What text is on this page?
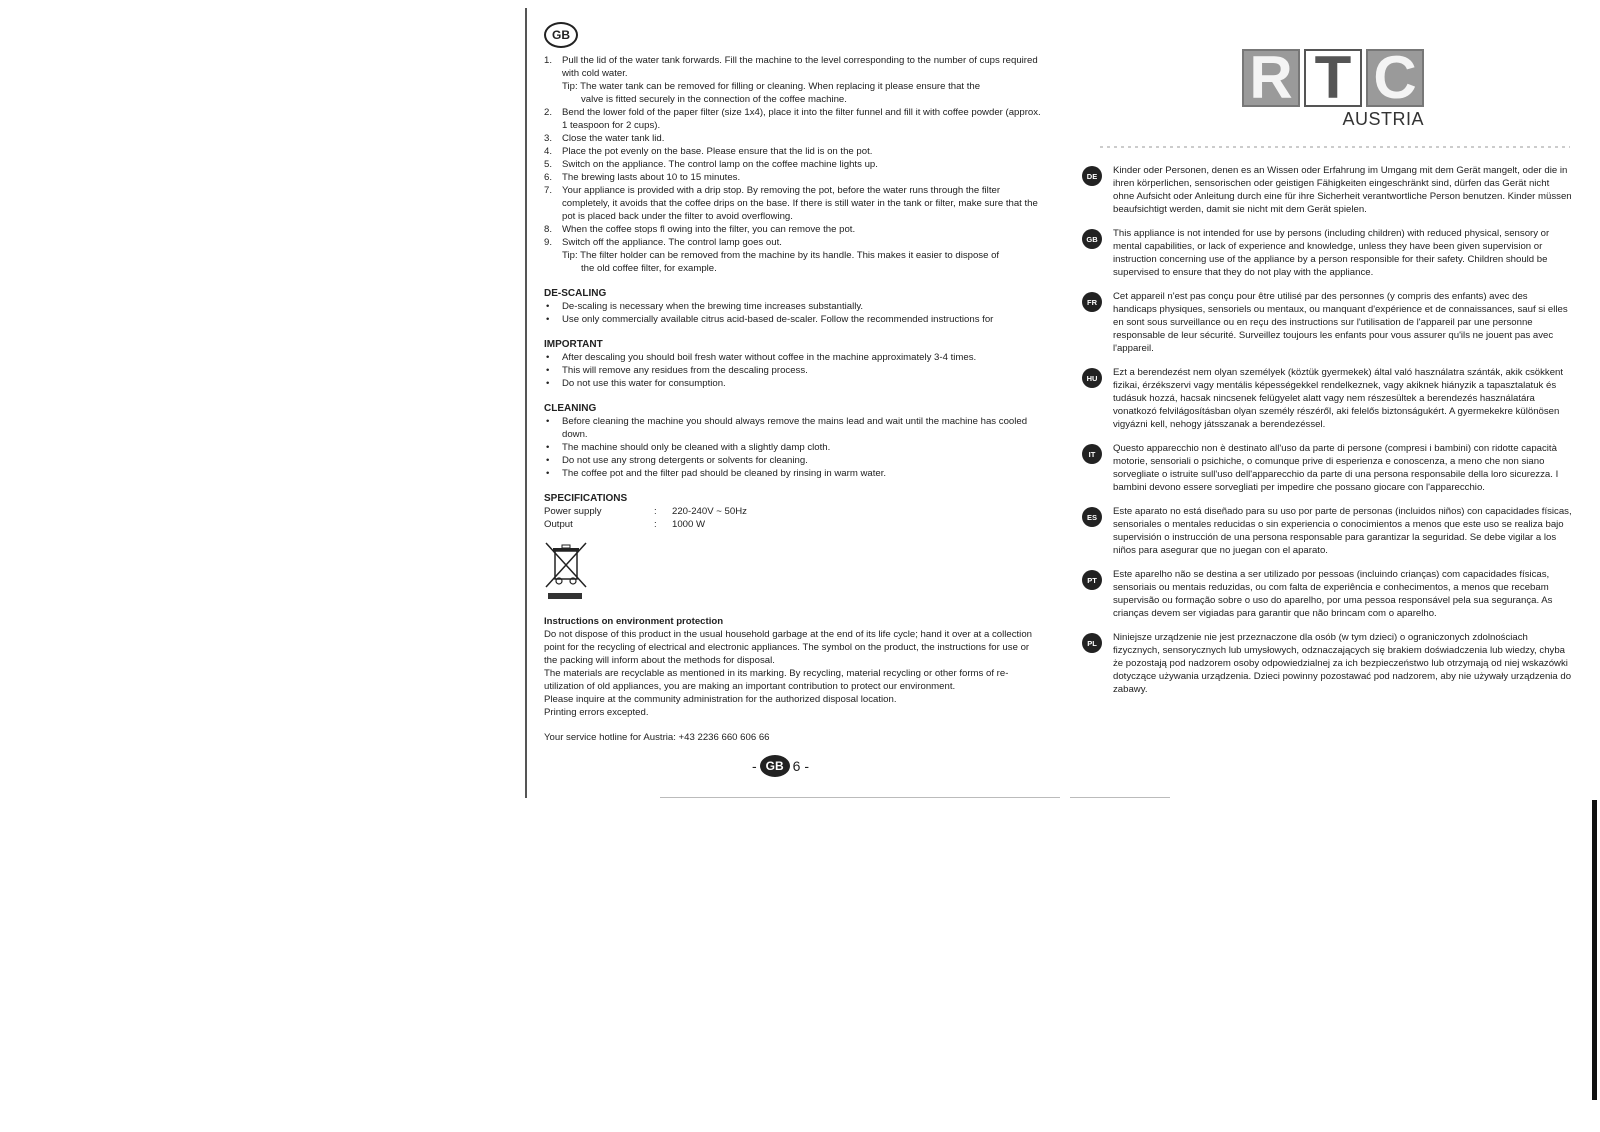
GB
1. Pull the lid of the water tank forwards. Fill the machine to the level corresponding to the number of cups required with cold water.
Tip: The water tank can be removed for filling or cleaning. When replacing it please ensure that the
valve is fitted securely in the connection of the coffee machine.
2. Bend the lower fold of the paper filter (size 1x4), place it into the filter funnel and fill it with coffee powder (approx. 1 teaspoon for 2 cups).
3. Close the water tank lid.
4. Place the pot evenly on the base. Please ensure that the lid is on the pot.
5. Switch on the appliance. The control lamp on the coffee machine lights up.
6. The brewing lasts about 10 to 15 minutes.
7. Your appliance is provided with a drip stop. By removing the pot, before the water runs through the filter completely, it avoids that the coffee drips on the base. If there is still water in the tank or filter, make sure that the pot is placed back under the filter to avoid overflowing.
8. When the coffee stops fl owing into the filter, you can remove the pot.
9. Switch off the appliance. The control lamp goes out.
Tip: The filter holder can be removed from the machine by its handle. This makes it easier to dispose of
the old coffee filter, for example.
DE-SCALING
• De-scaling is necessary when the brewing time increases substantially.
• Use only commercially available citrus acid-based de-scaler. Follow the recommended instructions for
IMPORTANT
• After descaling you should boil fresh water without coffee in the machine approximately 3-4 times.
• This will remove any residues from the descaling process.
• Do not use this water for consumption.
CLEANING
• Before cleaning the machine you should always remove the mains lead and wait until the machine has cooled down.
• The machine should only be cleaned with a slightly damp cloth.
• Do not use any strong detergents or solvents for cleaning.
• The coffee pot and the filter pad should be cleaned by rinsing in warm water.
SPECIFICATIONS
Power supply	:	220-240V ~ 50Hz
Output	:	1000 W
Instructions on environment protection
Do not dispose of this product in the usual household garbage at the end of its life cycle; hand it over at a collection point for the recycling of electrical and electronic appliances. The symbol on the product, the instructions for use or the packing will inform about the methods for disposal.
The materials are recyclable as mentioned in its marking. By recycling, material recycling or other forms of re-utilization of old appliances, you are making an important contribution to protect our environment.
Please inquire at the community administration for the authorized disposal location.
Printing errors excepted.
Your service hotline for Austria: +43 2236 660 606 66
- GB 6 -
R T C
AUSTRIA
DE	Kinder oder Personen, denen es an Wissen oder Erfahrung im Umgang mit dem Gerät mangelt, oder die in ihren körperlichen, sensorischen oder geistigen Fähigkeiten eingeschränkt sind, dürfen das Gerät nicht ohne Aufsicht oder Anleitung durch eine für ihre Sicherheit verantwortliche Person benutzen. Kinder müssen beaufsichtigt werden, damit sie nicht mit dem Gerät spielen.
GB	This appliance is not intended for use by persons (including children) with reduced physical, sensory or mental capabilities, or lack of experience and knowledge, unless they have been given supervision or instruction concerning use of the appliance by a person responsible for their safety. Children should be supervised to ensure that they do not play with the appliance.
FR	Cet appareil n'est pas conçu pour être utilisé par des personnes (y compris des enfants) avec des handicaps physiques, sensoriels ou mentaux, ou manquant d'expérience et de connaissances, sauf si elles en sont sous surveillance ou en reçu des instructions sur l'utilisation de l'appareil par une personne responsable de leur sécurité. Surveillez toujours les enfants pour vous assurer qu'ils ne jouent pas avec l'appareil.
HU	Ezt a berendezést nem olyan személyek (köztük gyermekek) által való használatra szánták, akik csökkent fizikai, érzékszervi vagy mentális képességekkel rendelkeznek, vagy akiknek hiányzik a tapasztalatuk és tudásuk hozzá, hacsak nincsenek felügyelet alatt vagy nem részesültek a berendezés használatára vonatkozó felvilágosításban olyan személy részéről, aki felelős biztonságukért. A gyermekekre különösen vigyázni kell, nehogy játsszanak a berendezéssel.
IT	Questo apparecchio non è destinato all'uso da parte di persone (compresi i bambini) con ridotte capacità motorie, sensoriali o psichiche, o comunque prive di esperienza e conoscenza, a meno che non siano sorvegliate o istruite sull'uso dell'apparecchio da parte di una persona responsabile della loro sicurezza. I bambini devono essere sorvegliati per impedire che possano giocare con l'apparecchio.
ES	Este aparato no está diseñado para su uso por parte de personas (incluidos niños) con capacidades físicas, sensoriales o mentales reducidas o sin experiencia o conocimientos a menos que este uso se realiza bajo supervisión o instrucción de una persona responsable para garantizar la seguridad. Se debe vigilar a los niños para asegurar que no juegan con el aparato.
PT	Este aparelho não se destina a ser utilizado por pessoas (incluindo crianças) com capacidades físicas, sensoriais ou mentais reduzidas, ou com falta de experiência e conhecimentos, a menos que recebam supervisão ou formação sobre o uso do aparelho, por uma pessoa responsável pela sua segurança. As crianças devem ser vigiadas para garantir que não brincam com o aparelho.
PL	Niniejsze urządzenie nie jest przeznaczone dla osób (w tym dzieci) o ograniczonych zdolnościach fizycznych, sensorycznych lub umysłowych, odznaczających się brakiem doświadczenia lub wiedzy, chyba że pozostają pod nadzorem osoby odpowiedzialnej za ich bezpieczeństwo lub otrzymają od niej wskazówki dotyczące używania urządzenia. Dzieci powinny pozostawać pod nadzorem, aby nie używały urządzenia do zabawy.
